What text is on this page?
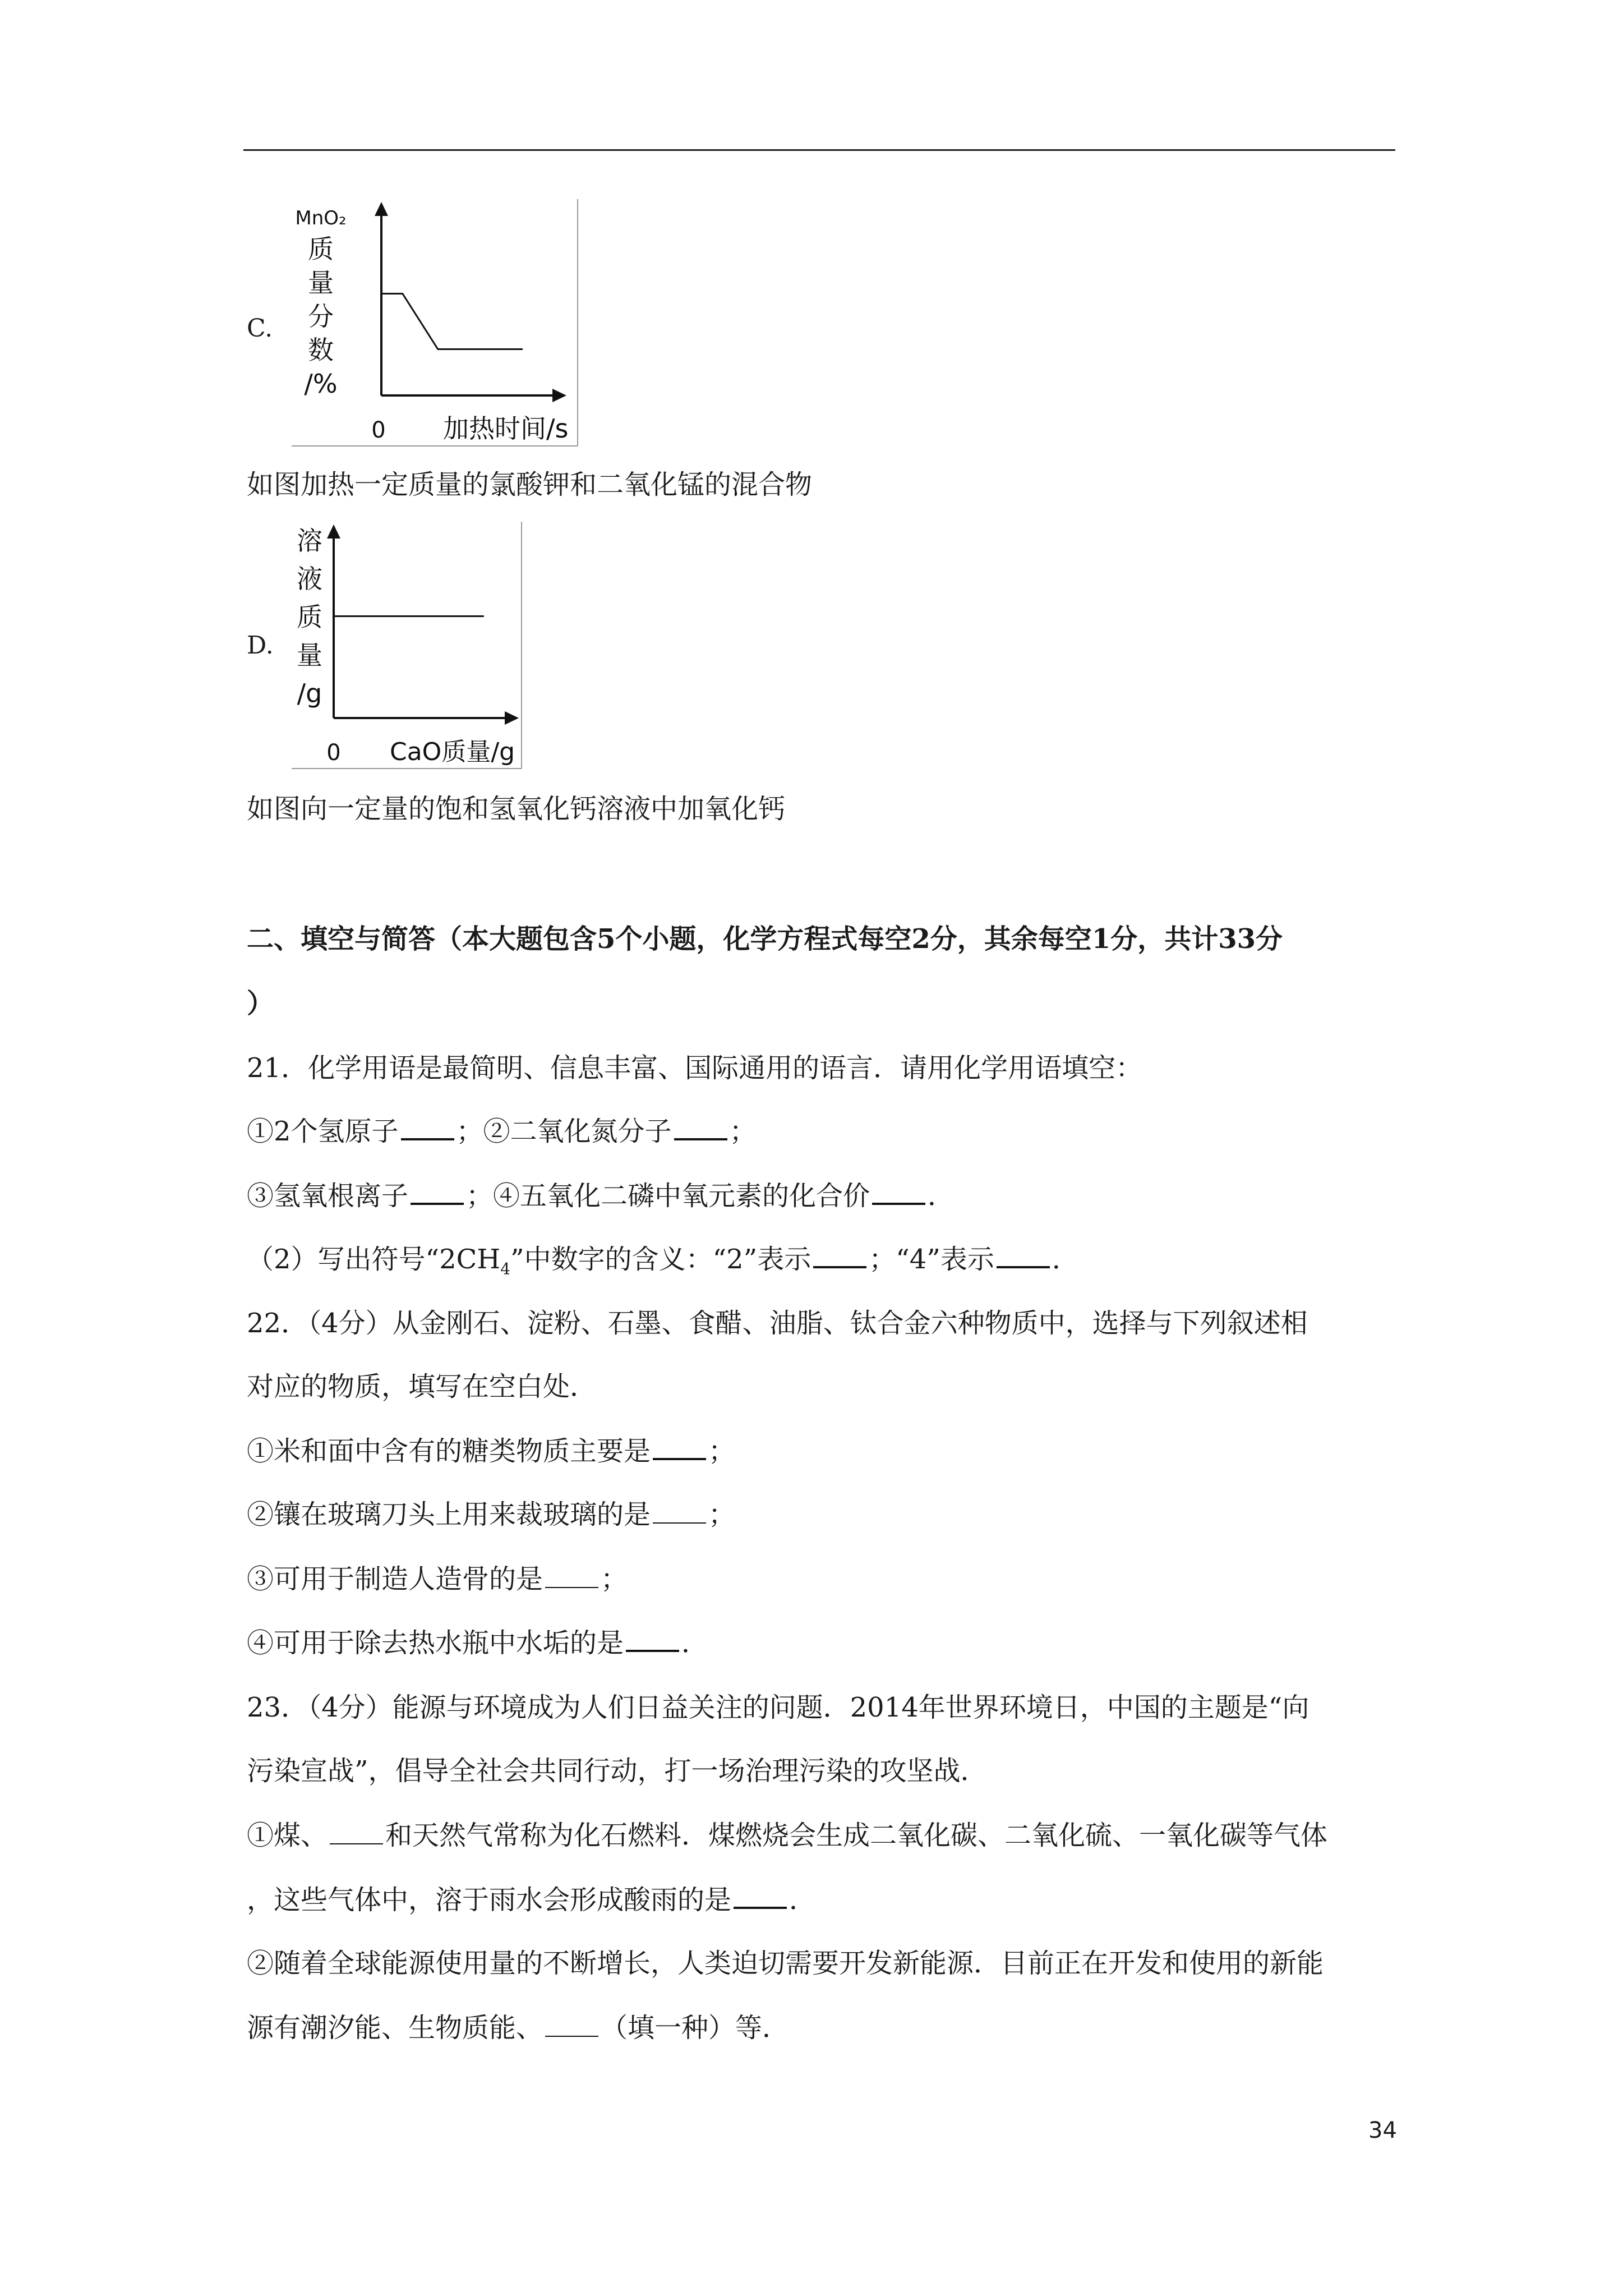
C.
MnO₂
质
量
分
数
/%
0 加热时间/s
如图加热一定质量的氯酸钾和二氧化锰的混合物
D.
溶
液
质
量
/g
0 CaO质量/g
如图向一定量的饱和氢氧化钙溶液中加氧化钙
二、填空与简答（本大题包含5个小题，化学方程式每空2分，其余每空1分，共计33分
）
21．化学用语是最简明、信息丰富、国际通用的语言．请用化学用语填空：
①2个氢原子 ；②二氧化氮分子 ；
③氢氧根离子 ；④五氧化二磷中氧元素的化合价 ．
（2）写出符号“$2CH_4$”中数字的含义：“2”表示 ；“4”表示 ．
22．（4分）从金刚石、淀粉、石墨、食醋、油脂、钛合金六种物质中，选择与下列叙述相
对应的物质，填写在空白处．
①米和面中含有的糖类物质主要是 ；
②镶在玻璃刀头上用来裁玻璃的是 ；
③可用于制造人造骨的是 ；
④可用于除去热水瓶中水垢的是 ．
23．（4分）能源与环境成为人们日益关注的问题．2014年世界环境日，中国的主题是“向
污染宣战”，倡导全社会共同行动，打一场治理污染的攻坚战．
①煤、 和天然气常称为化石燃料．煤燃烧会生成二氧化碳、二氧化硫、一氧化碳等气体
，这些气体中，溶于雨水会形成酸雨的是 ．
②随着全球能源使用量的不断增长，人类迫切需要开发新能源．目前正在开发和使用的新能
源有潮汐能、生物质能、 （填一种）等．
34
